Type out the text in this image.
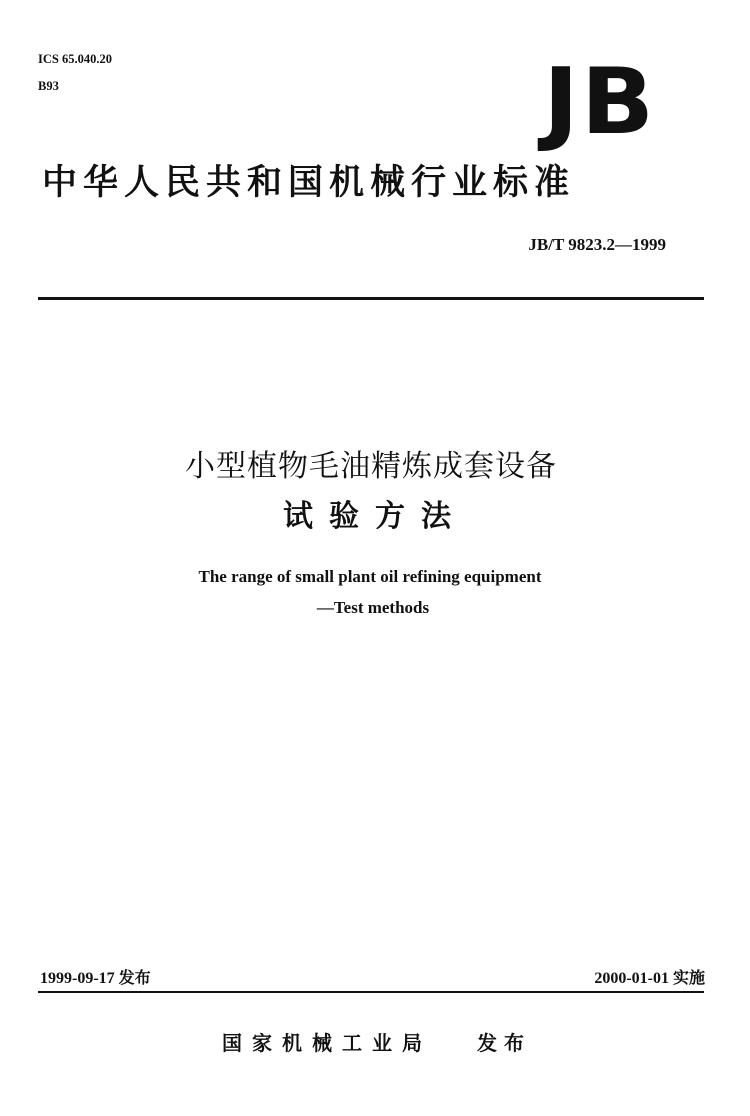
ICS 65.040.20
B93	JB
中华人民共和国机械行业标准
JB/T 9823.2—1999
小型植物毛油精炼成套设备
试验方法
The range of small plant oil refining equipment
—Test methods
1999-09-17 发布	2000-01-01 实施
国家机械工业局 发布
